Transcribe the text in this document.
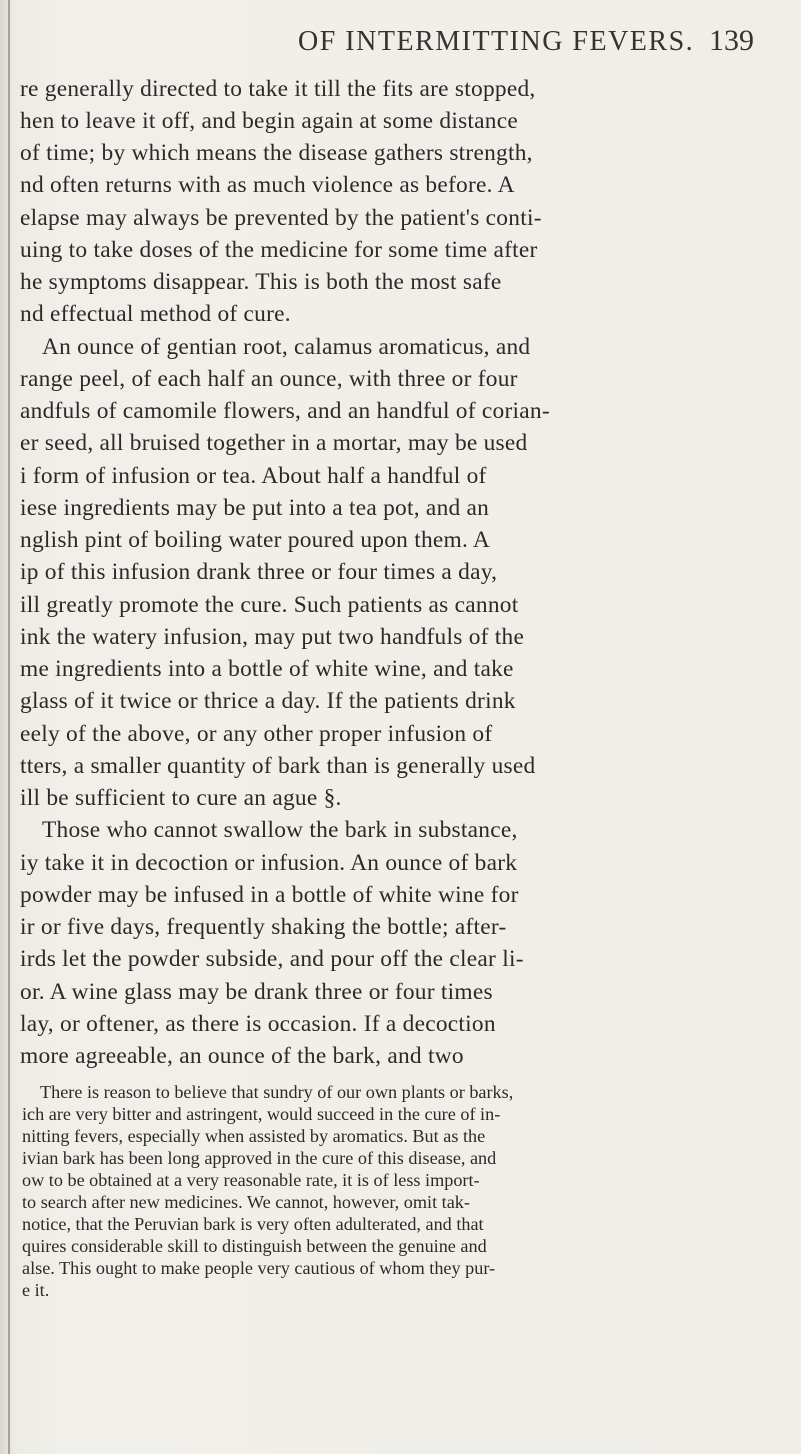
OF INTERMITTING FEVERS. 139
re generally directed to take it till the fits are stopped,
hen to leave it off, and begin again at some distance
of time; by which means the disease gathers strength,
nd often returns with as much violence as before. A
elapse may always be prevented by the patient's conti-
uing to take doses of the medicine for some time after
he symptoms disappear. This is both the most safe
nd effectual method of cure.
An ounce of gentian root, calamus aromaticus, and
range peel, of each half an ounce, with three or four
andfuls of camomile flowers, and an handful of corian-
er seed, all bruised together in a mortar, may be used
i form of infusion or tea. About half a handful of
iese ingredients may be put into a tea pot, and an
nglish pint of boiling water poured upon them. A
ip of this infusion drank three or four times a day,
ill greatly promote the cure. Such patients as cannot
ink the watery infusion, may put two handfuls of the
me ingredients into a bottle of white wine, and take
glass of it twice or thrice a day. If the patients drink
eely of the above, or any other proper infusion of
tters, a smaller quantity of bark than is generally used
ill be sufficient to cure an ague §.
Those who cannot swallow the bark in substance,
iy take it in decoction or infusion. An ounce of bark
powder may be infused in a bottle of white wine for
ir or five days, frequently shaking the bottle; after-
irds let the powder subside, and pour off the clear li-
or. A wine glass may be drank three or four times
lay, or oftener, as there is occasion. If a decoction
more agreeable, an ounce of the bark, and two
There is reason to believe that sundry of our own plants or barks,
ich are very bitter and astringent, would succeed in the cure of in-
nitting fevers, especially when assisted by aromatics. But as the
ivian bark has been long approved in the cure of this disease, and
ow to be obtained at a very reasonable rate, it is of less import-
to search after new medicines. We cannot, however, omit tak-
notice, that the Peruvian bark is very often adulterated, and that
quires considerable skill to distinguish between the genuine and
alse. This ought to make people very cautious of whom they pur-
e it.
